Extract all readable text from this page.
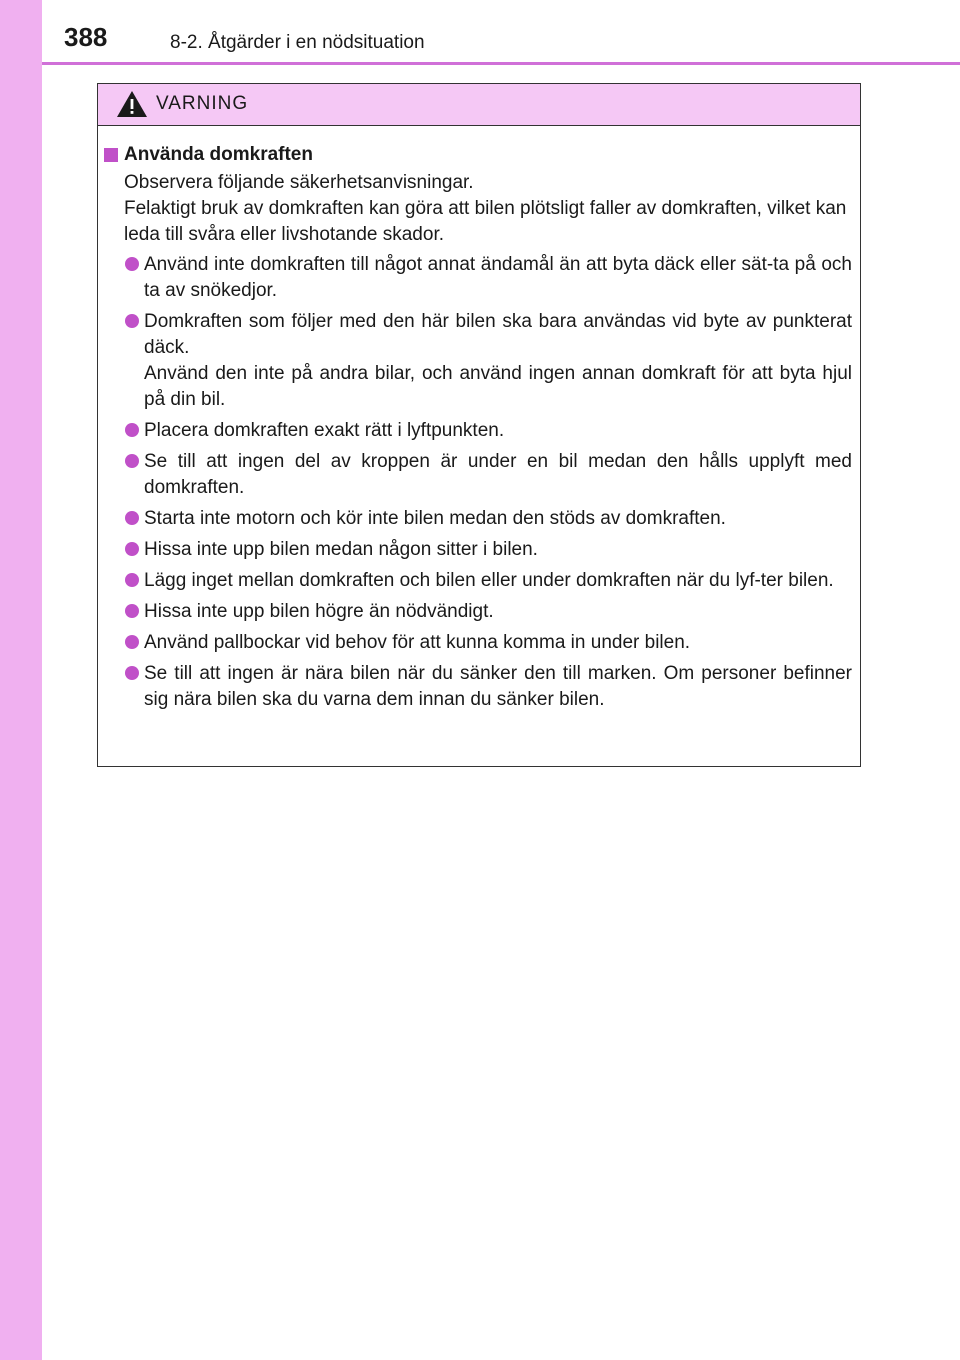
388	8-2. Åtgärder i en nödsituation
VARNING
Använda domkraften

Observera följande säkerhetsanvisningar.

Felaktigt bruk av domkraften kan göra att bilen plötsligt faller av domkraften, vilket kan leda till svåra eller livshotande skador.

Använd inte domkraften till något annat ändamål än att byta däck eller sät-ta på och ta av snökedjor.

Domkraften som följer med den här bilen ska bara användas vid byte av punkterat däck.

Använd den inte på andra bilar, och använd ingen annan domkraft för att byta hjul på din bil.

Placera domkraften exakt rätt i lyftpunkten.

Se till att ingen del av kroppen är under en bil medan den hålls upplyft med domkraften.

Starta inte motorn och kör inte bilen medan den stöds av domkraften.

Hissa inte upp bilen medan någon sitter i bilen.

Lägg inget mellan domkraften och bilen eller under domkraften när du lyf-ter bilen.

Hissa inte upp bilen högre än nödvändigt.

Använd pallbockar vid behov för att kunna komma in under bilen.

Se till att ingen är nära bilen när du sänker den till marken. Om personer befinner sig nära bilen ska du varna dem innan du sänker bilen.
